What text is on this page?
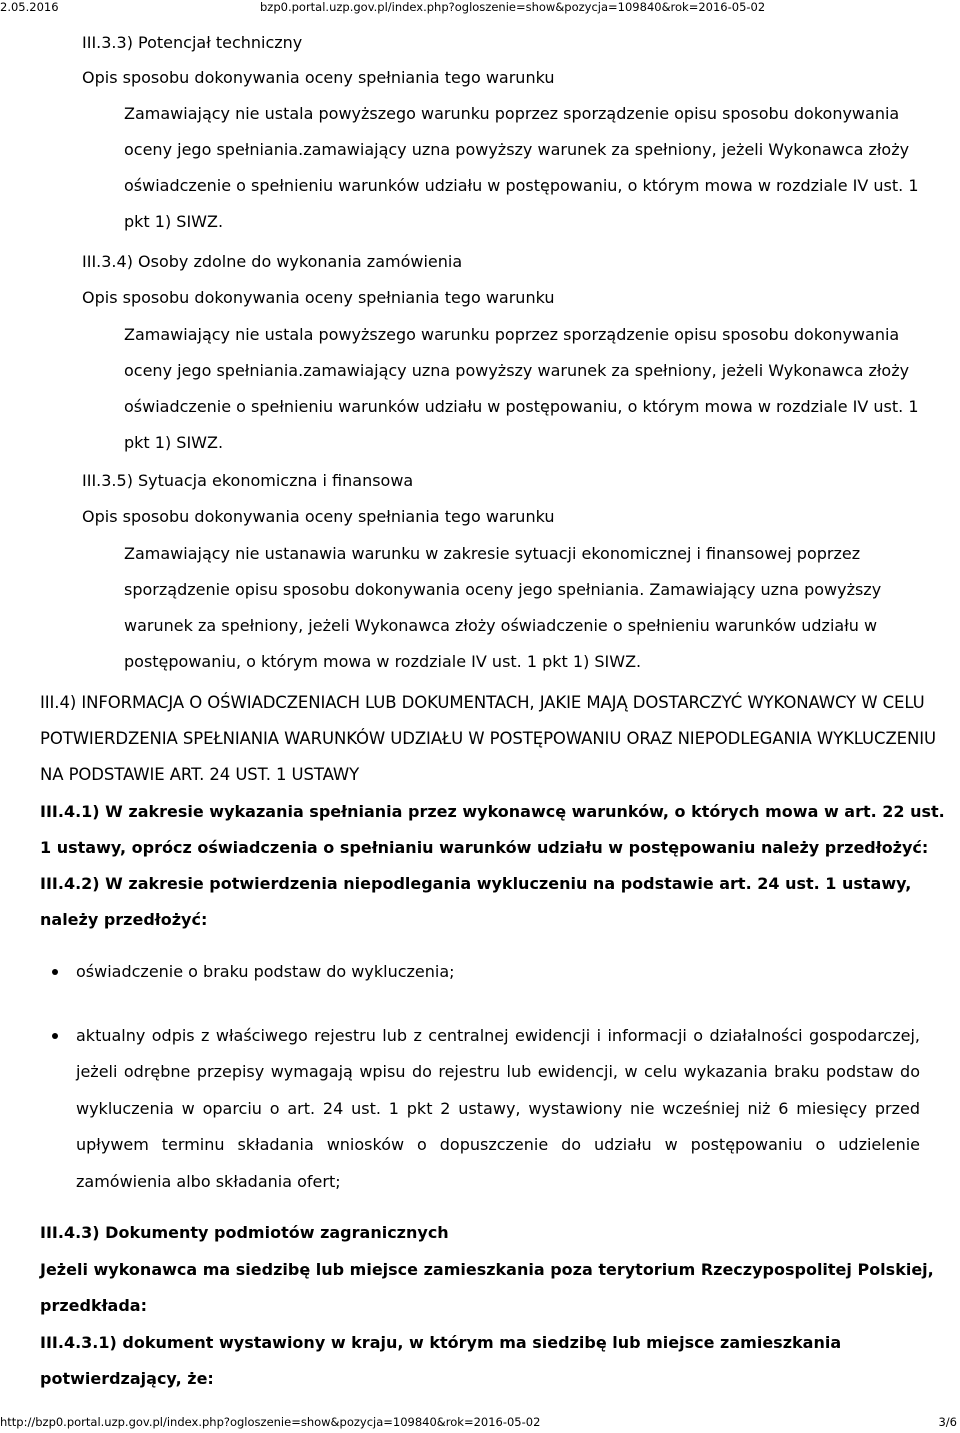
2.05.2016	bzp0.portal.uzp.gov.pl/index.php?ogloszenie=show&pozycja=109840&rok=2016-05-02

III.3.3) Potencjał techniczny

Opis sposobu dokonywania oceny spełniania tego warunku

Zamawiający nie ustala powyższego warunku poprzez sporządzenie opisu sposobu dokonywania oceny jego spełniania.zamawiający uzna powyższy warunek za spełniony, jeżeli Wykonawca złoży oświadczenie o spełnieniu warunków udziału w postępowaniu, o którym mowa w rozdziale IV ust. 1 pkt 1) SIWZ.

III.3.4) Osoby zdolne do wykonania zamówienia

Opis sposobu dokonywania oceny spełniania tego warunku

Zamawiający nie ustala powyższego warunku poprzez sporządzenie opisu sposobu dokonywania oceny jego spełniania.zamawiający uzna powyższy warunek za spełniony, jeżeli Wykonawca złoży oświadczenie o spełnieniu warunków udziału w postępowaniu, o którym mowa w rozdziale IV ust. 1 pkt 1) SIWZ.

III.3.5) Sytuacja ekonomiczna i finansowa

Opis sposobu dokonywania oceny spełniania tego warunku

Zamawiający nie ustanawia warunku w zakresie sytuacji ekonomicznej i finansowej poprzez sporządzenie opisu sposobu dokonywania oceny jego spełniania. Zamawiający uzna powyższy warunek za spełniony, jeżeli Wykonawca złoży oświadczenie o spełnieniu warunków udziału w postępowaniu, o którym mowa w rozdziale IV ust. 1 pkt 1) SIWZ.

III.4) INFORMACJA O OŚWIADCZENIACH LUB DOKUMENTACH, JAKIE MAJĄ DOSTARCZYĆ WYKONAWCY W CELU POTWIERDZENIA SPEŁNIANIA WARUNKÓW UDZIAŁU W POSTĘPOWANIU ORAZ NIEPODLEGANIA WYKLUCZENIU NA PODSTAWIE ART. 24 UST. 1 USTAWY

III.4.1) W zakresie wykazania spełniania przez wykonawcę warunków, o których mowa w art. 22 ust. 1 ustawy, oprócz oświadczenia o spełnianiu warunków udziału w postępowaniu należy przedłożyć:

III.4.2) W zakresie potwierdzenia niepodlegania wykluczeniu na podstawie art. 24 ust. 1 ustawy, należy przedłożyć:

oświadczenie o braku podstaw do wykluczenia;
aktualny odpis z właściwego rejestru lub z centralnej ewidencji i informacji o działalności gospodarczej, jeżeli odrębne przepisy wymagają wpisu do rejestru lub ewidencji, w celu wykazania braku podstaw do wykluczenia w oparciu o art. 24 ust. 1 pkt 2 ustawy, wystawiony nie wcześniej niż 6 miesięcy przed upływem terminu składania wniosków o dopuszczenie do udziału w postępowaniu o udzielenie zamówienia albo składania ofert;

III.4.3) Dokumenty podmiotów zagranicznych

Jeżeli wykonawca ma siedzibę lub miejsce zamieszkania poza terytorium Rzeczypospolitej Polskiej, przedkłada:

III.4.3.1) dokument wystawiony w kraju, w którym ma siedzibę lub miejsce zamieszkania potwierdzający, że:

http://bzp0.portal.uzp.gov.pl/index.php?ogloszenie=show&pozycja=109840&rok=2016-05-02	3/6
